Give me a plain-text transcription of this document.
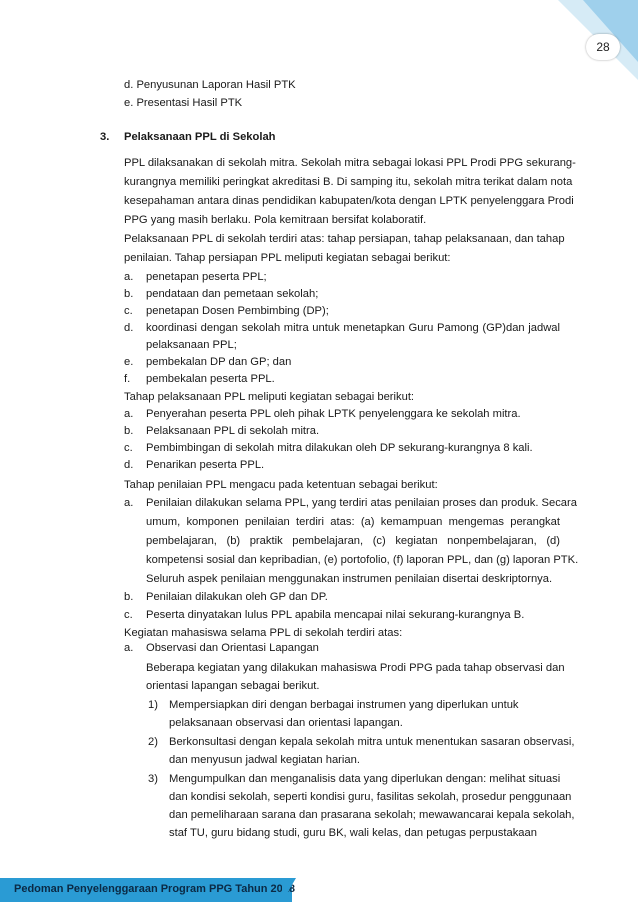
28
d. Penyusunan Laporan Hasil PTK
e. Presentasi Hasil PTK
3. Pelaksanaan PPL di Sekolah
PPL dilaksanakan di sekolah mitra. Sekolah mitra sebagai lokasi PPL Prodi PPG sekurang-
kurangnya memiliki peringkat akreditasi B. Di samping itu, sekolah mitra terikat dalam nota
kesepahaman antara dinas pendidikan kabupaten/kota dengan LPTK penyelenggara Prodi
PPG yang masih berlaku. Pola kemitraan bersifat kolaboratif.
Pelaksanaan PPL di sekolah terdiri atas: tahap persiapan, tahap pelaksanaan, dan tahap
penilaian. Tahap persiapan PPL meliputi kegiatan sebagai berikut:
a. penetapan peserta PPL;
b. pendataan dan pemetaan sekolah;
c. penetapan Dosen Pembimbing (DP);
d. koordinasi dengan sekolah mitra untuk menetapkan Guru Pamong (GP)dan jadwal
pelaksanaan PPL;
e. pembekalan DP dan GP; dan
f. pembekalan peserta PPL.
Tahap pelaksanaan PPL meliputi kegiatan sebagai berikut:
a. Penyerahan peserta PPL oleh pihak LPTK penyelenggara ke sekolah mitra.
b. Pelaksanaan PPL di sekolah mitra.
c. Pembimbingan di sekolah mitra dilakukan oleh DP sekurang-kurangnya 8 kali.
d. Penarikan peserta PPL.
Tahap penilaian PPL mengacu pada ketentuan sebagai berikut:
a. Penilaian dilakukan selama PPL, yang terdiri atas penilaian proses dan produk. Secara
umum, komponen penilaian terdiri atas: (a) kemampuan mengemas perangkat
pembelajaran, (b) praktik pembelajaran, (c) kegiatan nonpembelajaran, (d)
kompetensi sosial dan kepribadian, (e) portofolio, (f) laporan PPL, dan (g) laporan PTK.
Seluruh aspek penilaian menggunakan instrumen penilaian disertai deskriptornya.
b. Penilaian dilakukan oleh GP dan DP.
c. Peserta dinyatakan lulus PPL apabila mencapai nilai sekurang-kurangnya B.
Kegiatan mahasiswa selama PPL di sekolah terdiri atas:
a. Observasi dan Orientasi Lapangan
Beberapa kegiatan yang dilakukan mahasiswa Prodi PPG pada tahap observasi dan
orientasi lapangan sebagai berikut.
1) Mempersiapkan diri dengan berbagai instrumen yang diperlukan untuk
pelaksanaan observasi dan orientasi lapangan.
2) Berkonsultasi dengan kepala sekolah mitra untuk menentukan sasaran observasi,
dan menyusun jadwal kegiatan harian.
3) Mengumpulkan dan menganalisis data yang diperlukan dengan: melihat situasi
dan kondisi sekolah, seperti kondisi guru, fasilitas sekolah, prosedur penggunaan
dan pemeliharaan sarana dan prasarana sekolah; mewawancarai kepala sekolah,
staf TU, guru bidang studi, guru BK, wali kelas, dan petugas perpustakaan
Pedoman Penyelenggaraan Program PPG Tahun 2018
